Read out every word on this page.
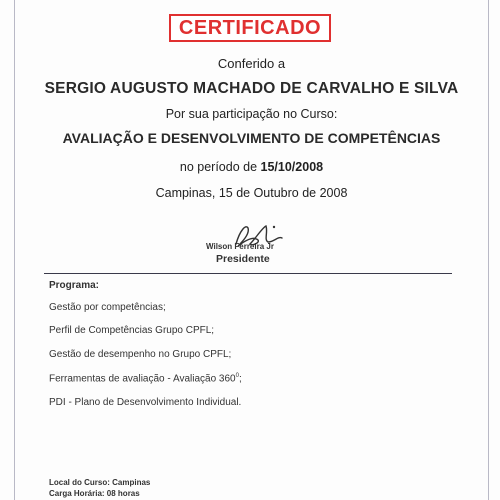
CERTIFICADO
Conferido a
SERGIO AUGUSTO MACHADO DE CARVALHO E SILVA
Por sua participação no Curso:
AVALIAÇÃO E DESENVOLVIMENTO DE COMPETÊNCIAS
no período de 15/10/2008
Campinas, 15 de Outubro de 2008
Wilson Ferreira Jr
Presidente
Programa:
Gestão por competências;
Perfil de Competências Grupo CPFL;
Gestão de desempenho no Grupo CPFL;
Ferramentas de avaliação - Avaliação $360^0$;
PDI - Plano de Desenvolvimento Individual.
Local do Curso: Campinas
Carga Horária: 08 horas
